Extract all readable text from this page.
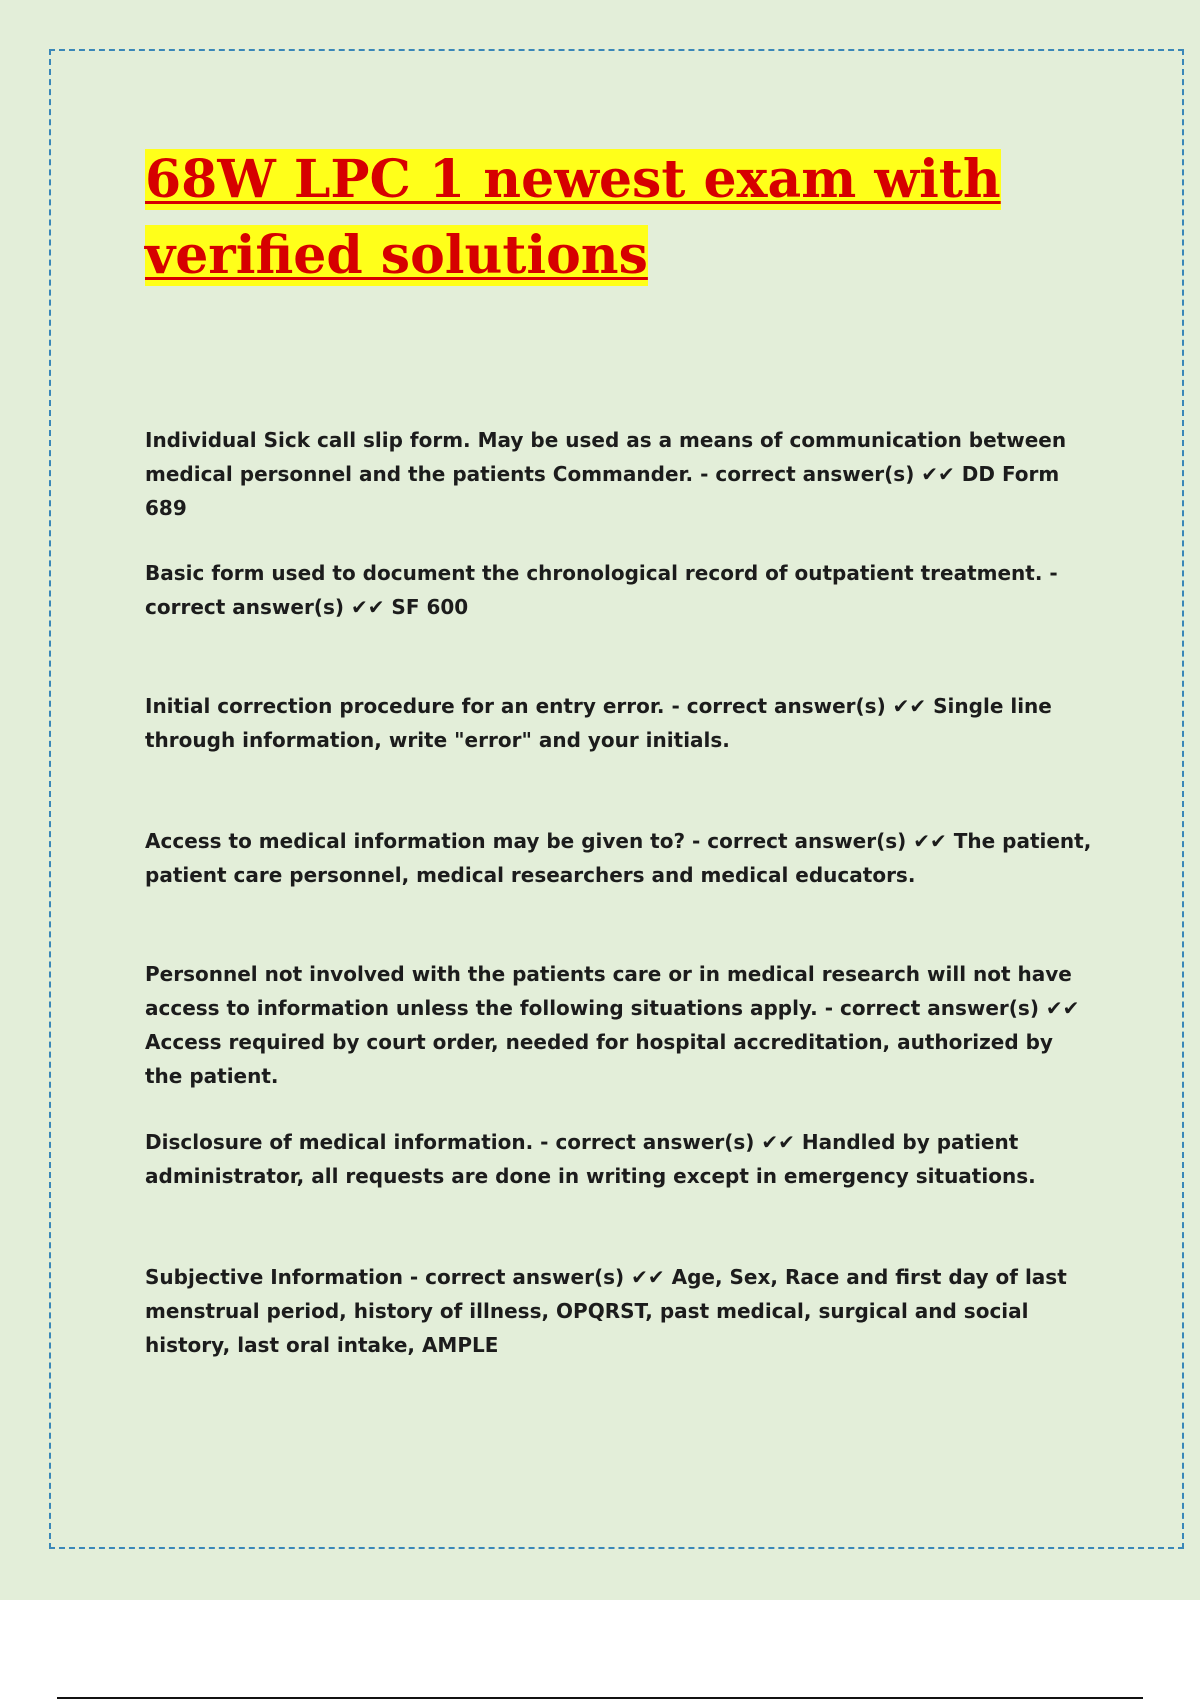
68W LPC 1 newest exam with verified solutions

Individual Sick call slip form. May be used as a means of communication between medical personnel and the patients Commander. - correct answer(s) ✔✔ DD Form 689

Basic form used to document the chronological record of outpatient treatment. - correct answer(s) ✔✔ SF 600

Initial correction procedure for an entry error. - correct answer(s) ✔✔ Single line through information, write "error" and your initials.

Access to medical information may be given to? - correct answer(s) ✔✔ The patient, patient care personnel, medical researchers and medical educators.

Personnel not involved with the patients care or in medical research will not have access to information unless the following situations apply. - correct answer(s) ✔✔ Access required by court order, needed for hospital accreditation, authorized by the patient.

Disclosure of medical information. - correct answer(s) ✔✔ Handled by patient administrator, all requests are done in writing except in emergency situations.

Subjective Information - correct answer(s) ✔✔ Age, Sex, Race and first day of last menstrual period, history of illness, OPQRST, past medical, surgical and social history, last oral intake, AMPLE
